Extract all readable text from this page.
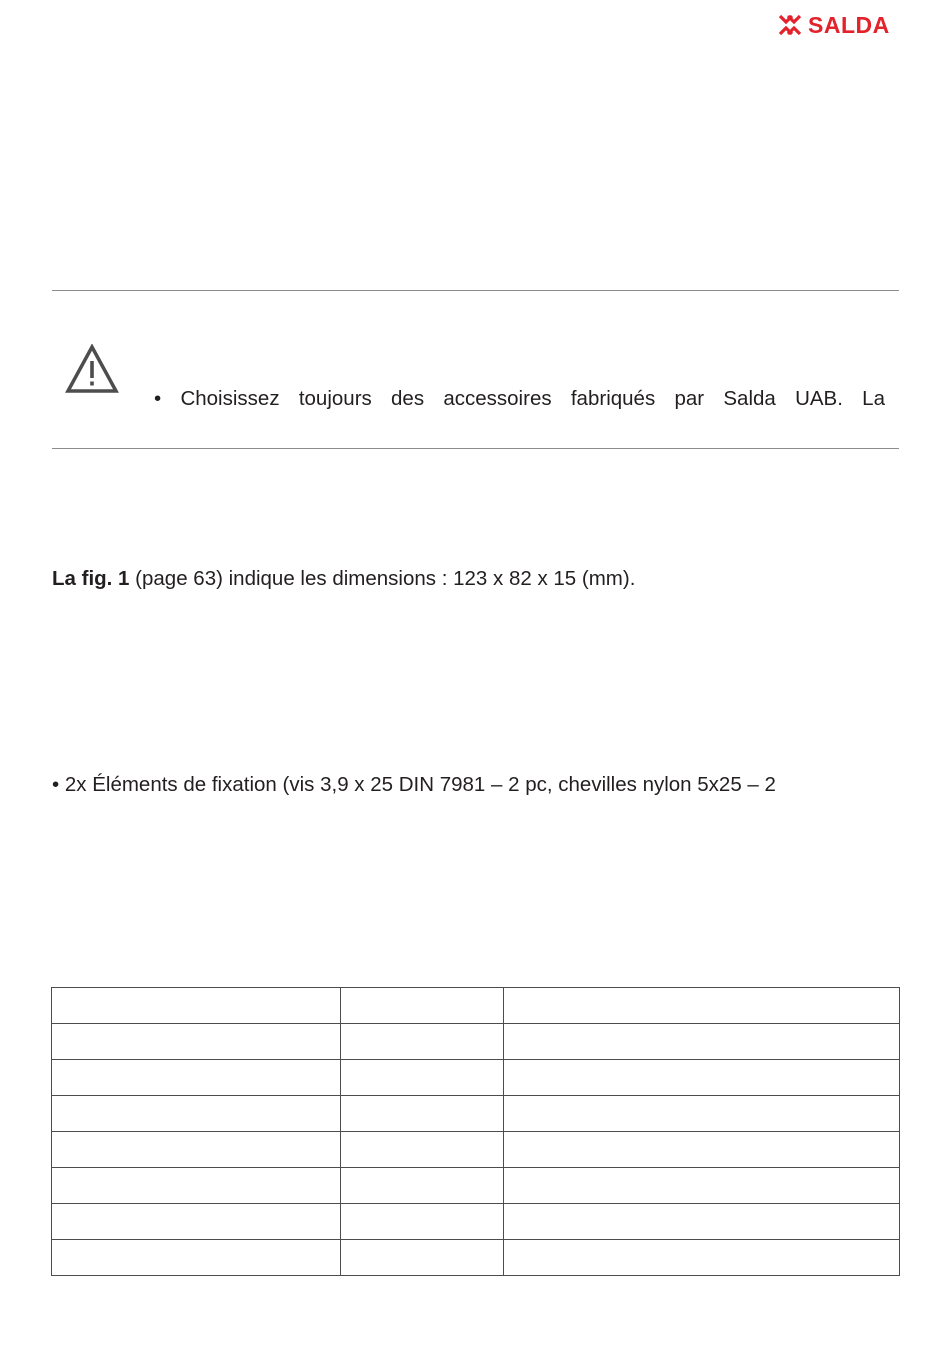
SALDA
• Choisissez toujours des accessoires fabriqués par Salda UAB. La
La fig. 1 (page 63) indique les dimensions : 123 x 82 x 15 (mm).
• 2x Éléments de fixation (vis 3,9 x 25 DIN 7981 – 2 pc, chevilles nylon 5x25 – 2
